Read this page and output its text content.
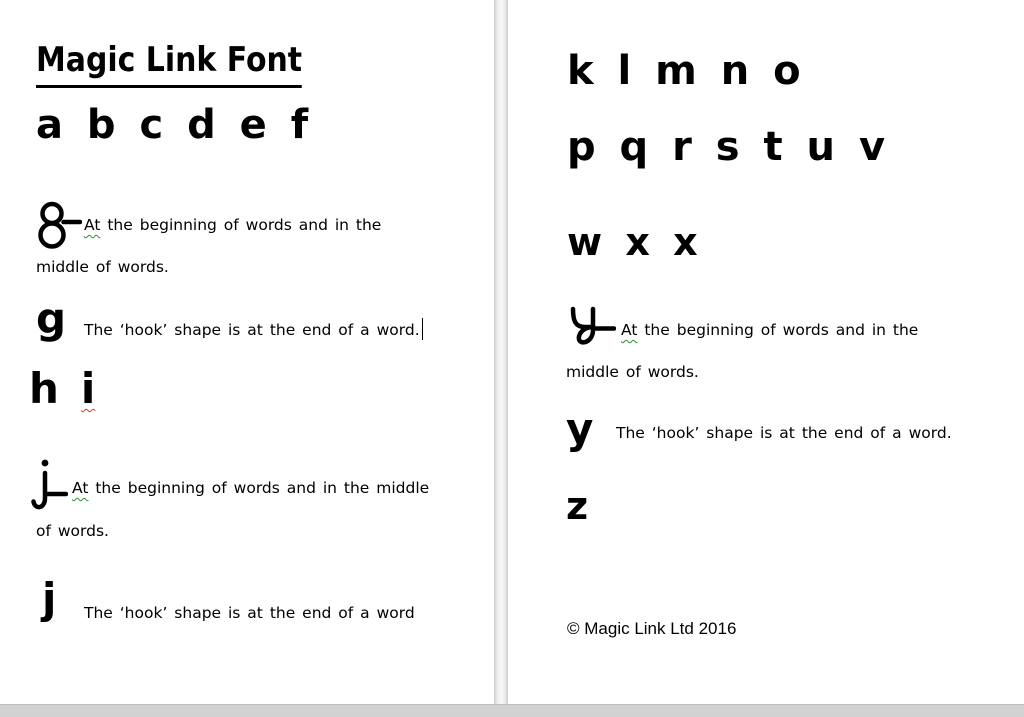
Magic Link Font
a b c d e f
At the beginning of words and in the
middle of words.
g The ‘hook’ shape is at the end of a word.
h i
At the beginning of words and in the middle
of words.
j The ‘hook’ shape is at the end of a word
k l m n o
p q r s t u v
w x x
At the beginning of words and in the
middle of words.
y The ‘hook’ shape is at the end of a word.
z
© Magic Link Ltd 2016
